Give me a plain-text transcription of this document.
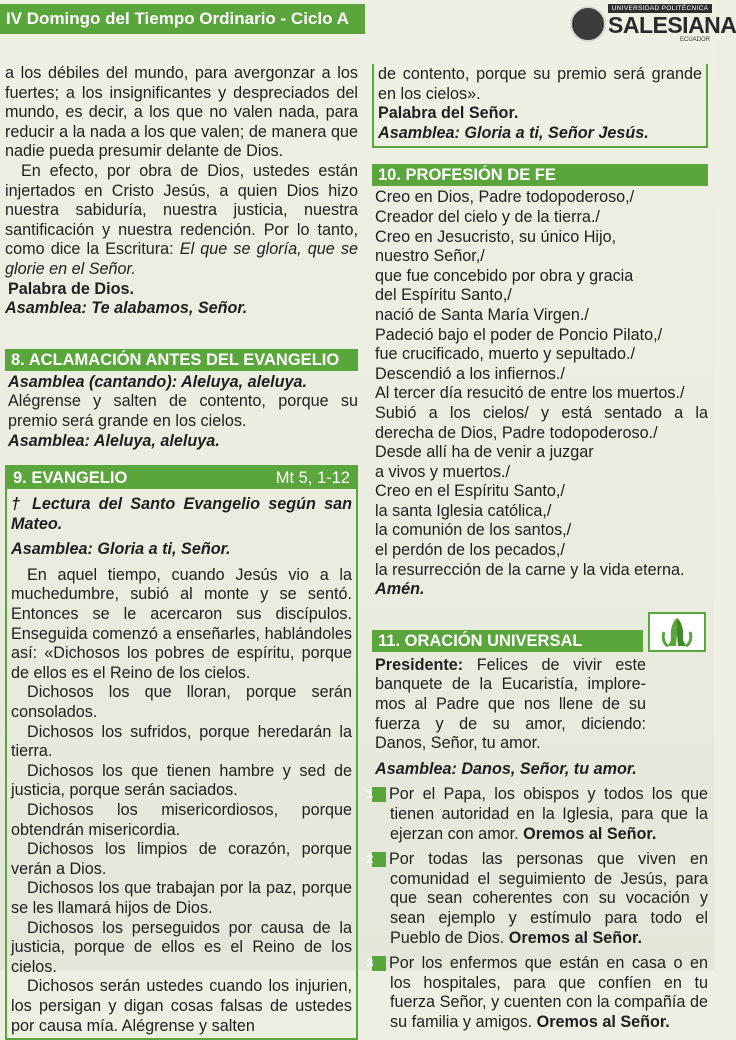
IV Domingo del Tiempo Ordinario - Ciclo A
UNIVERSIDAD POLITÉCNICA
SALESIANA
ECUADOR

a los débiles del mundo, para avergonzar a los fuertes; a los insignificantes y despreciados del mundo, es decir, a los que no valen nada, para reducir a la nada a los que valen; de manera que nadie pueda presumir delante de Dios.

En efecto, por obra de Dios, ustedes están injertados en Cristo Jesús, a quien Dios hizo nuestra sabiduría, nuestra justicia, nuestra santificación y nuestra redención. Por lo tanto, como dice la Escritura: El que se gloría, que se glorie en el Señor.

Palabra de Dios.

Asamblea: Te alabamos, Señor.

8. ACLAMACIÓN ANTES DEL EVANGELIO

Asamblea (cantando): Aleluya, aleluya.

Alégrense y salten de contento, porque su premio será grande en los cielos.

Asamblea: Aleluya, aleluya.

9. EVANGELIO	Mt 5, 1-12

† Lectura del Santo Evangelio según san Mateo.

Asamblea: Gloria a ti, Señor.

En aquel tiempo, cuando Jesús vio a la muchedumbre, subió al monte y se sentó. Entonces se le acercaron sus discípulos. Enseguida comenzó a enseñarles, hablándoles así: «Dichosos los pobres de espíritu, porque de ellos es el Reino de los cielos.

Dichosos los que lloran, porque serán consolados.

Dichosos los sufridos, porque heredarán la tierra.

Dichosos los que tienen hambre y sed de justicia, porque serán saciados.

Dichosos los misericordiosos, porque obtendrán misericordia.

Dichosos los limpios de corazón, porque verán a Dios.

Dichosos los que trabajan por la paz, porque se les llamará hijos de Dios.

Dichosos los perseguidos por causa de la justicia, porque de ellos es el Reino de los cielos.

Dichosos serán ustedes cuando los injurien, los persigan y digan cosas falsas de ustedes por causa mía. Alégrense y salten

de contento, porque su premio será grande en los cielos».

Palabra del Señor.

Asamblea: Gloria a ti, Señor Jesús.

10. PROFESIÓN DE FE

Creo en Dios, Padre todopoderoso,/

Creador del cielo y de la tierra./

Creo en Jesucristo, su único Hijo,

nuestro Señor,/

que fue concebido por obra y gracia

del Espíritu Santo,/

nació de Santa María Virgen./

Padeció bajo el poder de Poncio Pilato,/

fue crucificado, muerto y sepultado./

Descendió a los infiernos./

Al tercer día resucitó de entre los muertos./

Subió a los cielos/ y está sentado a la derecha de Dios, Padre todopoderoso./

Desde allí ha de venir a juzgar

a vivos y muertos./

Creo en el Espíritu Santo,/

la santa Iglesia católica,/

la comunión de los santos,/

el perdón de los pecados,/

la resurrección de la carne y la vida eterna.

Amén.

11. ORACIÓN UNIVERSAL

Presidente: Felices de vivir este banquete de la Eucaristía, imploremos al Padre que nos llene de su fuerza y de su amor, diciendo: Danos, Señor, tu amor.

Asamblea: Danos, Señor, tu amor.

1 Por el Papa, los obispos y todos los que tienen autoridad en la Iglesia, para que la ejerzan con amor. Oremos al Señor.

2 Por todas las personas que viven en comunidad el seguimiento de Jesús, para que sean coherentes con su vocación y sean ejemplo y estímulo para todo el Pueblo de Dios. Oremos al Señor.

3 Por los enfermos que están en casa o en los hospitales, para que confíen en tu fuerza Señor, y cuenten con la compañía de su familia y amigos. Oremos al Señor.
